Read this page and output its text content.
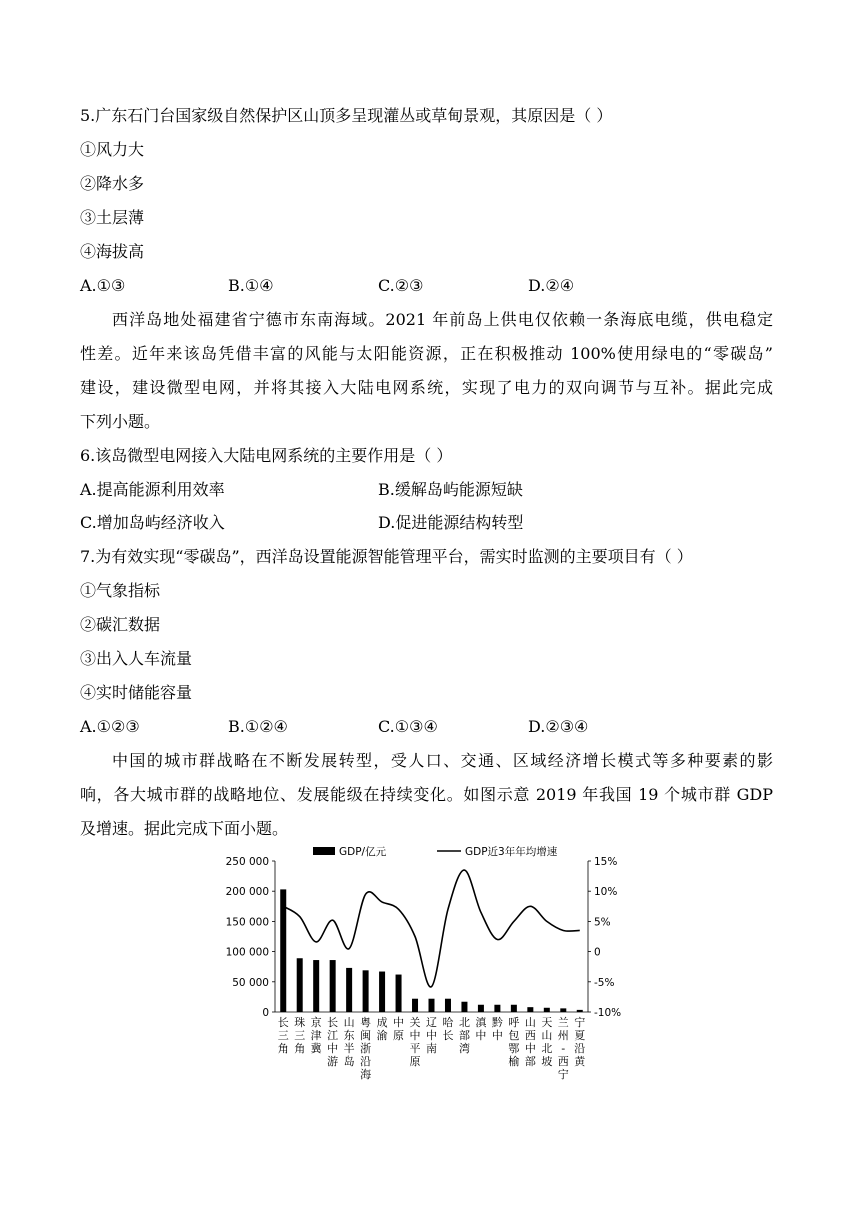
5.广东石门台国家级自然保护区山顶多呈现灌丛或草甸景观，其原因是（ ）
①风力大
②降水多
③土层薄
④海拔高
A.①③	B.①④	C.②③	D.②④
西洋岛地处福建省宁德市东南海域。2021 年前岛上供电仅依赖一条海底电缆，供电稳定
性差。近年来该岛凭借丰富的风能与太阳能资源，正在积极推动 100%使用绿电的“零碳岛”
建设，建设微型电网，并将其接入大陆电网系统，实现了电力的双向调节与互补。据此完成
下列小题。
6.该岛微型电网接入大陆电网系统的主要作用是（ ）
A.提高能源利用效率	B.缓解岛屿能源短缺
C.增加岛屿经济收入	D.促进能源结构转型
7.为有效实现“零碳岛”，西洋岛设置能源智能管理平台，需实时监测的主要项目有（ ）
①气象指标
②碳汇数据
③出入人车流量
④实时储能容量
A.①②③	B.①②④	C.①③④	D.②③④
中国的城市群战略在不断发展转型，受人口、交通、区域经济增长模式等多种要素的影
响，各大城市群的战略地位、发展能级在持续变化。如图示意 2019 年我国 19 个城市群 GDP
及增速。据此完成下面小题。
0
50 000
100 000
150 000
200 000
250 000
-10%
-5%
0
5%
10%
15%
长
三
角
珠
三
角
京
津
冀
长
江
中
游
山
东
半
岛
粤
闽
浙
沿
海
成
渝
中
原
关
中
平
原
辽
中
南
哈
长
北
部
湾
滇
中
黔
中
呼
包
鄂
榆
山
西
中
部
天
山
北
坡
兰
州
-
西
宁
宁
夏
沿
黄
GDP/亿元	GDP近3年年均增速
